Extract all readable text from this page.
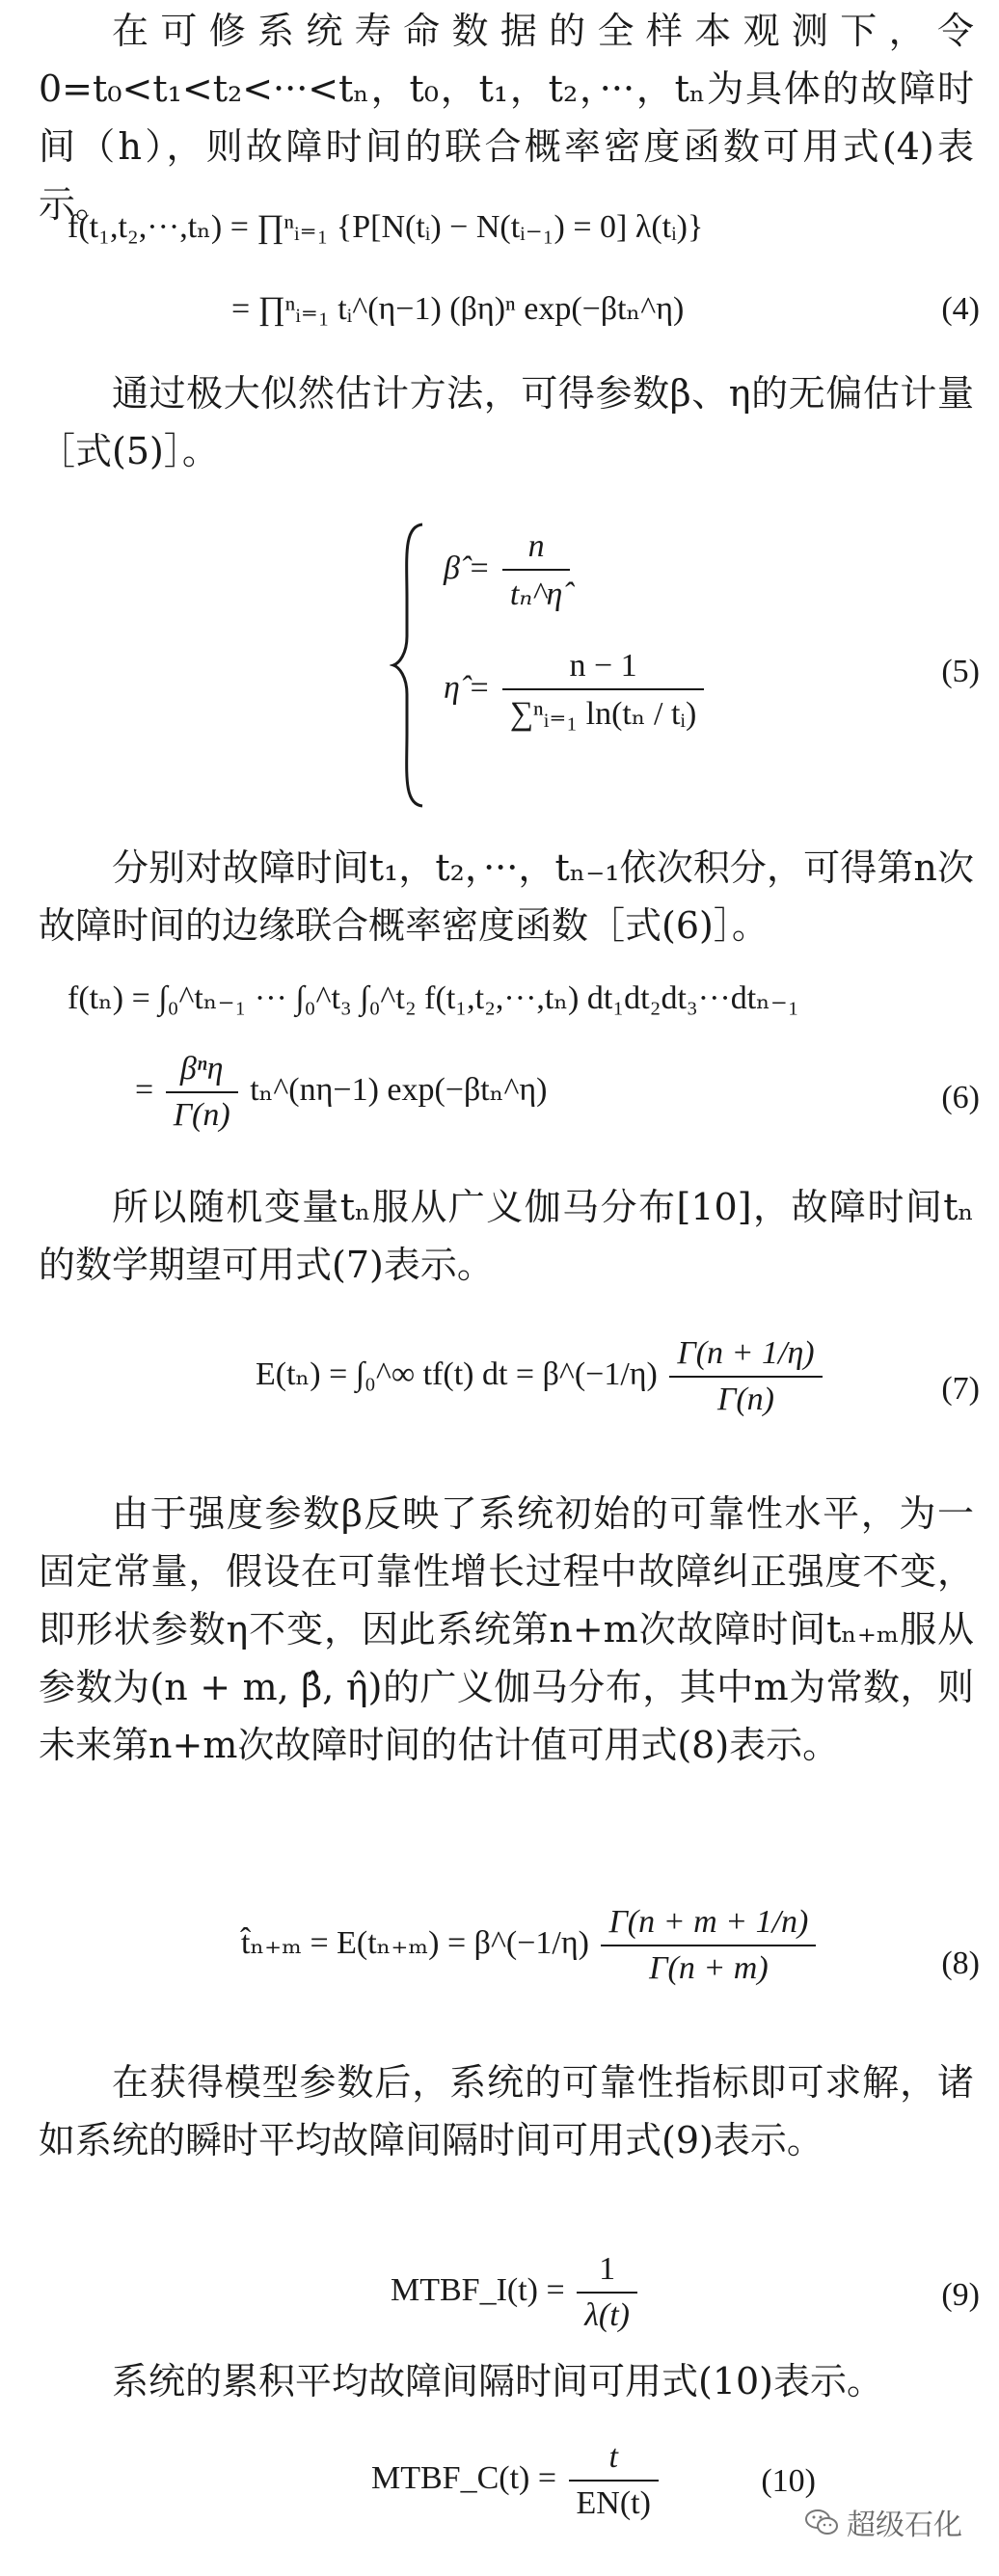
在可修系统寿命数据的全样本观测下，令0=t₀<t₁<t₂<···<tₙ，t₀，t₁，t₂，···，tₙ为具体的故障时间（h），则故障时间的联合概率密度函数可用式(4)表示。
f(t₁,t₂,···,tₙ) = ∏ⁿᵢ₌₁ {P[N(tᵢ) − N(tᵢ₋₁) = 0] λ(tᵢ)}
= ∏ⁿᵢ₌₁ tᵢ^(η−1) (βη)ⁿ exp(−βtₙ^η)	(4)
通过极大似然估计方法，可得参数β、η的无偏估计量［式(5)］。
β̂ = $\frac{n}{\text{tₙ\textasciicircum{}η̂}}$
η̂ = $\frac{n - 1}{\text{∑ⁿᵢ₌₁ ln(tₙ / tᵢ)}}$	(5)
分别对故障时间t₁，t₂，···，tₙ₋₁依次积分，可得第n次故障时间的边缘联合概率密度函数［式(6)］。
f(tₙ) = ∫₀^tₙ₋₁ ··· ∫₀^t₃ ∫₀^t₂ f(t₁,t₂,···,tₙ) dt₁dt₂dt₃···dtₙ₋₁
= $\frac{\text{βⁿη}}{\Gamma(n)}$ tₙ^(nη−1) exp(−βtₙ^η)	(6)
所以随机变量tₙ服从广义伽马分布[10]，故障时间tₙ的数学期望可用式(7)表示。
E(tₙ) = ∫₀^∞ tf(t) dt = β^(−1/η) $\frac{\Gamma(n + 1/\eta)}{\Gamma(n)}$	(7)
由于强度参数β反映了系统初始的可靠性水平，为一固定常量，假设在可靠性增长过程中故障纠正强度不变，即形状参数η不变，因此系统第n+m次故障时间tₙ₊ₘ服从参数为(n + m, β̂, η̂)的广义伽马分布，其中m为常数，则未来第n+m次故障时间的估计值可用式(8)表示。
t̂ₙ₊ₘ = E(tₙ₊ₘ) = β^(−1/η) $\frac{\Gamma(n + m + 1/n)}{\Gamma(n + m)}$	(8)
在获得模型参数后，系统的可靠性指标即可求解，诸如系统的瞬时平均故障间隔时间可用式(9)表示。
MTBF_I(t) = $\frac{1}{\lambda(t)}$	(9)
系统的累积平均故障间隔时间可用式(10)表示。
MTBF_C(t) = $\frac{t}{EN(t)}$	(10)
超级石化
